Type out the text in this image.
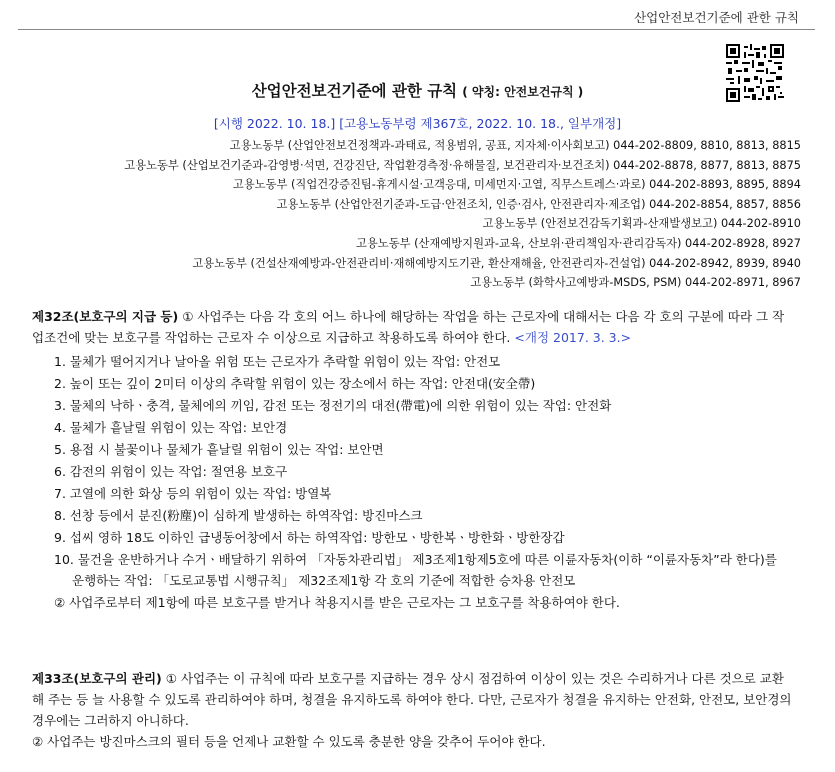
산업안전보건기준에 관한 규칙
산업안전보건기준에 관한 규칙 ( 약칭: 안전보건규칙 )
[시행 2022. 10. 18.] [고용노동부령 제367호, 2022. 10. 18., 일부개정]
고용노동부 (산업안전보건정책과-과태료, 적용범위, 공표, 지자체·이사회보고) 044-202-8809, 8810, 8813, 8815
고용노동부 (산업보건기준과-감영병·석면, 건강진단, 작업환경측정·유해물질, 보건관리자·보건조치) 044-202-8878, 8877, 8813, 8875
고용노동부 (직업건강증진팀-휴게시설·고객응대, 미세먼지·고열, 직무스트레스·과로) 044-202-8893, 8895, 8894
고용노동부 (산업안전기준과-도급·안전조치, 인증·검사, 안전관리자·제조업) 044-202-8854, 8857, 8856
고용노동부 (안전보건감독기획과-산재발생보고) 044-202-8910
고용노동부 (산재예방지원과-교육, 산보위·관리책임자·관리감독자) 044-202-8928, 8927
고용노동부 (건설산재예방과-안전관리비·재해예방지도기관, 환산재해율, 안전관리자-건설업) 044-202-8942, 8939, 8940
고용노동부 (화학사고예방과-MSDS, PSM) 044-202-8971, 8967

제32조(보호구의 지급 등) ① 사업주는 다음 각 호의 어느 하나에 해당하는 작업을 하는 근로자에 대해서는 다음 각 호의 구분에 따라 그 작업조건에 맞는 보호구를 작업하는 근로자 수 이상으로 지급하고 착용하도록 하여야 한다. <개정 2017. 3. 3.>

1. 물체가 떨어지거나 날아올 위험 또는 근로자가 추락할 위험이 있는 작업: 안전모
2. 높이 또는 깊이 2미터 이상의 추락할 위험이 있는 장소에서 하는 작업: 안전대(安全帶)
3. 물체의 낙하ㆍ충격, 물체에의 끼임, 감전 또는 정전기의 대전(帶電)에 의한 위험이 있는 작업: 안전화
4. 물체가 흩날릴 위험이 있는 작업: 보안경
5. 용접 시 불꽃이나 물체가 흩날릴 위험이 있는 작업: 보안면
6. 감전의 위험이 있는 작업: 절연용 보호구
7. 고열에 의한 화상 등의 위험이 있는 작업: 방열복
8. 선창 등에서 분진(粉塵)이 심하게 발생하는 하역작업: 방진마스크
9. 섭씨 영하 18도 이하인 급냉동어창에서 하는 하역작업: 방한모ㆍ방한복ㆍ방한화ㆍ방한장갑
10. 물건을 운반하거나 수거ㆍ배달하기 위하여 「자동차관리법」 제3조제1항제5호에 따른 이륜자동차(이하 “이륜자동차”라 한다)를 운행하는 작업: 「도로교통법 시행규칙」 제32조제1항 각 호의 기준에 적합한 승차용 안전모
② 사업주로부터 제1항에 따른 보호구를 받거나 착용지시를 받은 근로자는 그 보호구를 착용하여야 한다.

제33조(보호구의 관리) ① 사업주는 이 규칙에 따라 보호구를 지급하는 경우 상시 점검하여 이상이 있는 것은 수리하거나 다른 것으로 교환해 주는 등 늘 사용할 수 있도록 관리하여야 하며, 청결을 유지하도록 하여야 한다. 다만, 근로자가 청결을 유지하는 안전화, 안전모, 보안경의 경우에는 그러하지 아니하다.

② 사업주는 방진마스크의 필터 등을 언제나 교환할 수 있도록 충분한 양을 갖추어 두어야 한다.
